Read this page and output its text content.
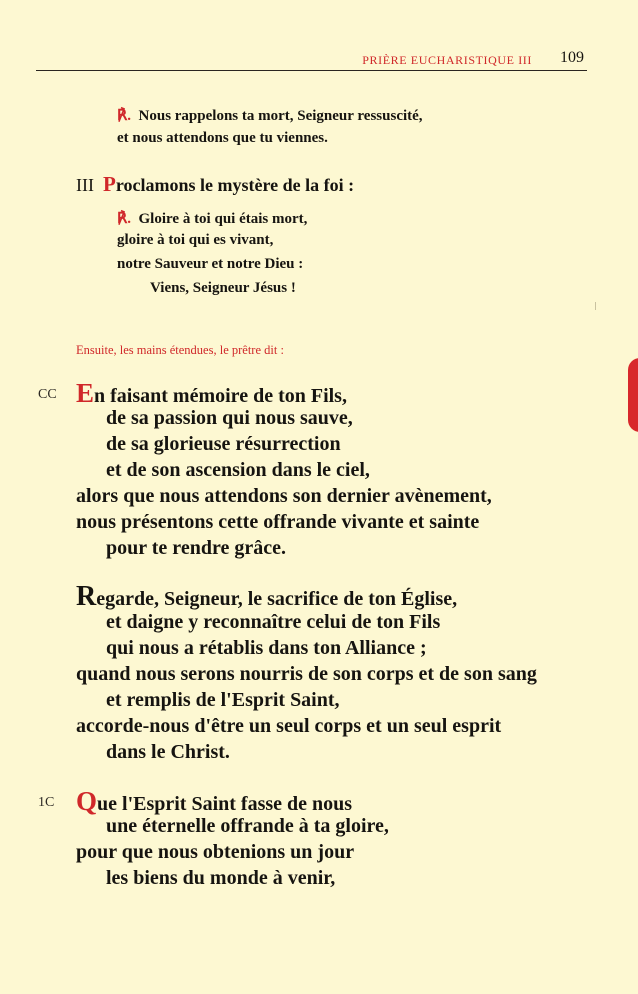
PRIÈRE EUCHARISTIQUE III 109
℟. Nous rappelons ta mort, Seigneur ressuscité,
et nous attendons que tu viennes.
III Proclamons le mystère de la foi :
℟. Gloire à toi qui étais mort,
gloire à toi qui es vivant,
notre Sauveur et notre Dieu :
Viens, Seigneur Jésus !
Ensuite, les mains étendues, le prêtre dit :
CC En faisant mémoire de ton Fils,
de sa passion qui nous sauve,
de sa glorieuse résurrection
et de son ascension dans le ciel,
alors que nous attendons son dernier avènement,
nous présentons cette offrande vivante et sainte
pour te rendre grâce.
Regarde, Seigneur, le sacrifice de ton Église,
et daigne y reconnaître celui de ton Fils
qui nous a rétablis dans ton Alliance ;
quand nous serons nourris de son corps et de son sang
et remplis de l'Esprit Saint,
accorde-nous d'être un seul corps et un seul esprit
dans le Christ.
1C Que l'Esprit Saint fasse de nous
une éternelle offrande à ta gloire,
pour que nous obtenions un jour
les biens du monde à venir,
